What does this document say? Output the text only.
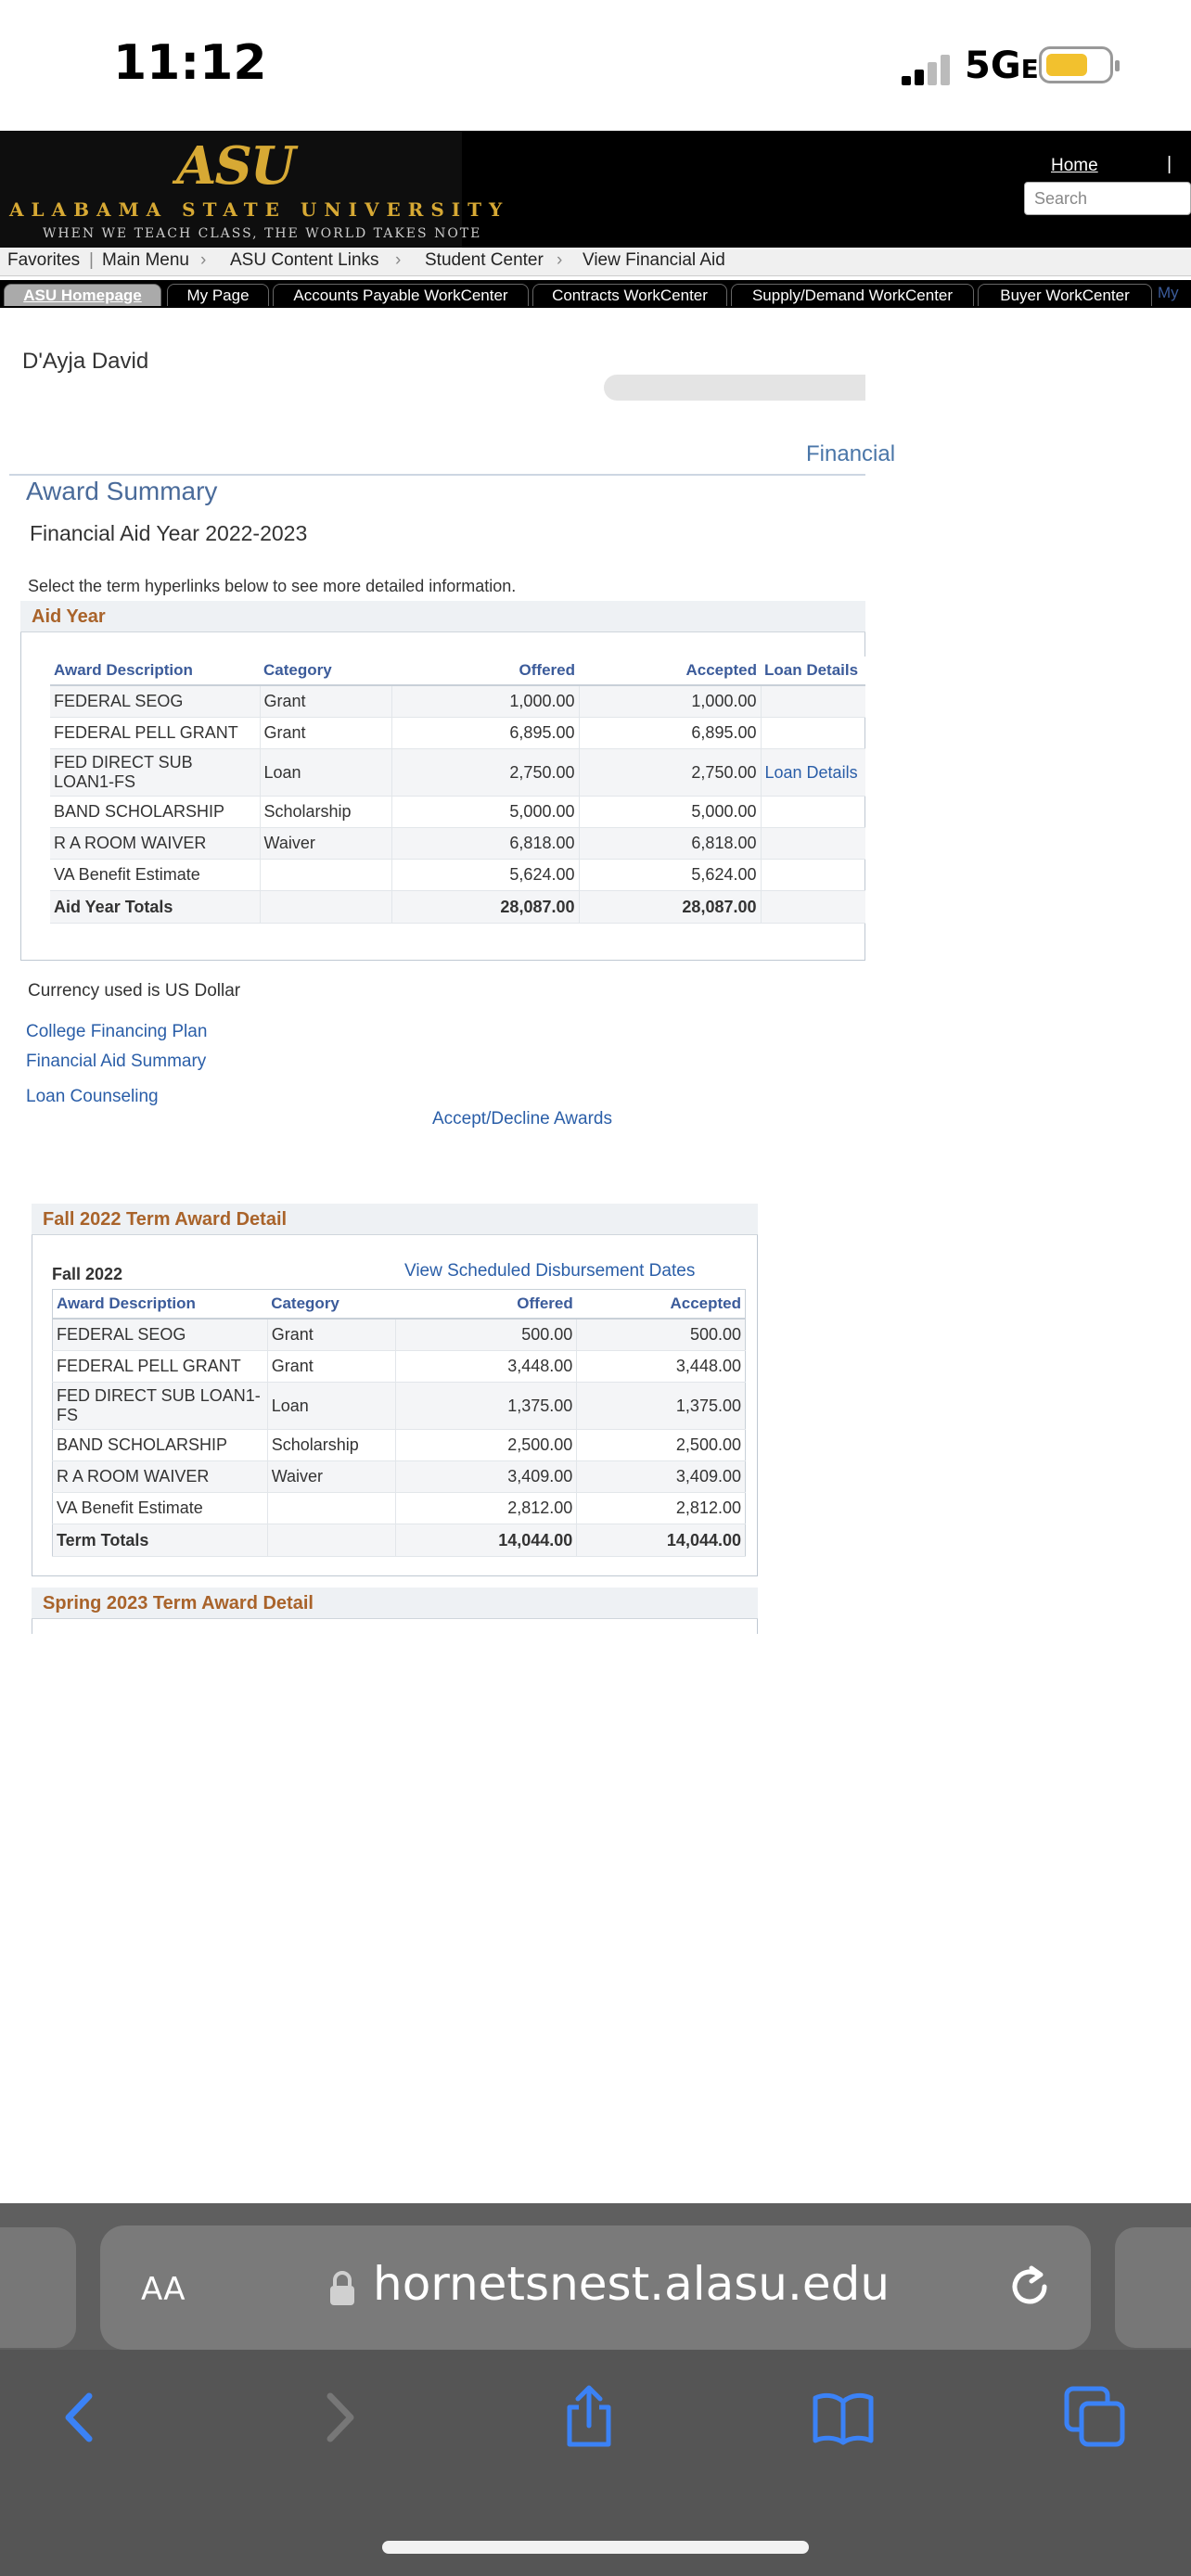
11:12	5GE
ASU
ALABAMA STATE UNIVERSITY
WHEN WE TEACH CLASS, THE WORLD TAKES NOTE
Home	|
Search
Favorites | Main Menu › ASU Content Links › Student Center › View Financial Aid
ASU Homepage	My Page	Accounts Payable WorkCenter	Contracts WorkCenter	Supply/Demand WorkCenter	Buyer WorkCenter	My
D'Ayja David
Financial
Award Summary
Financial Aid Year 2022-2023
Select the term hyperlinks below to see more detailed information.
Aid Year
Award Description	Category	Offered	Accepted	Loan Details
FEDERAL SEOG	Grant	1,000.00	1,000.00	
FEDERAL PELL GRANT	Grant	6,895.00	6,895.00	
FED DIRECT SUB LOAN1-FS	Loan	2,750.00	2,750.00	Loan Details
BAND SCHOLARSHIP	Scholarship	5,000.00	5,000.00	
R A ROOM WAIVER	Waiver	6,818.00	6,818.00	
VA Benefit Estimate		5,624.00	5,624.00	
Aid Year Totals		28,087.00	28,087.00	
Currency used is US Dollar
College Financing Plan
Financial Aid Summary
Loan Counseling
Accept/Decline Awards
Fall 2022 Term Award Detail
Fall 2022	View Scheduled Disbursement Dates
Award Description	Category	Offered	Accepted
FEDERAL SEOG	Grant	500.00	500.00
FEDERAL PELL GRANT	Grant	3,448.00	3,448.00
FED DIRECT SUB LOAN1-FS	Loan	1,375.00	1,375.00
BAND SCHOLARSHIP	Scholarship	2,500.00	2,500.00
R A ROOM WAIVER	Waiver	3,409.00	3,409.00
VA Benefit Estimate		2,812.00	2,812.00
Term Totals		14,044.00	14,044.00
Spring 2023 Term Award Detail
AA	hornetsnest.alasu.edu
